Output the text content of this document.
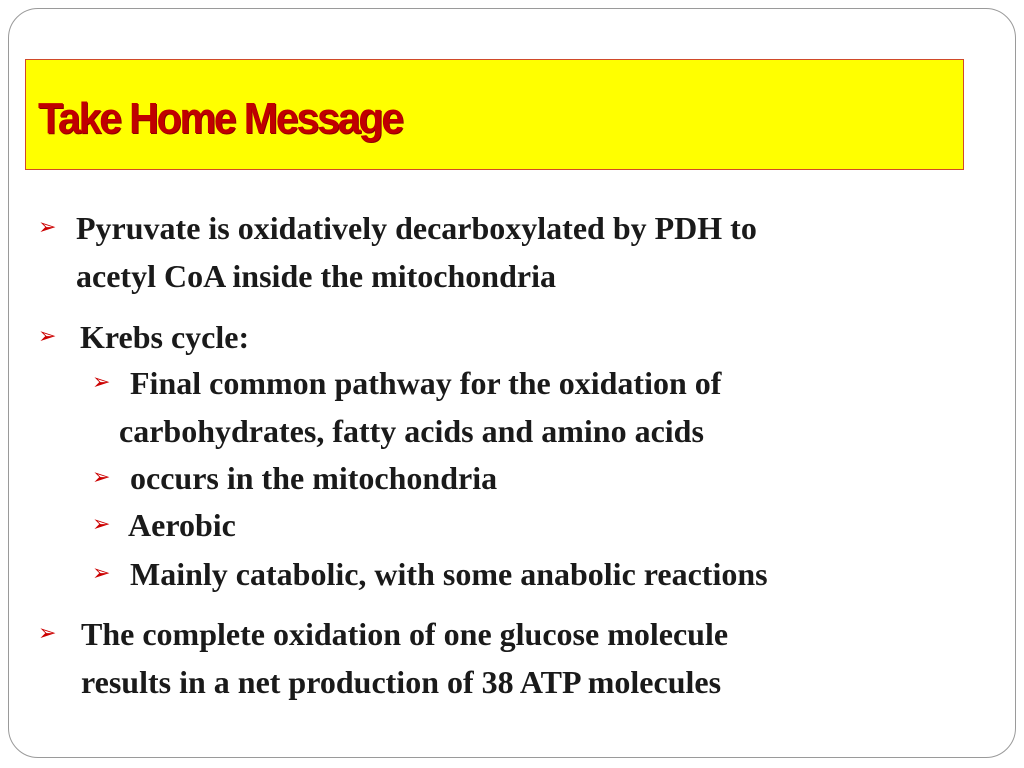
Take Home Message
➢ Pyruvate is oxidatively decarboxylated by PDH to
acetyl CoA inside the mitochondria
➢ Krebs cycle:
➢ Final common pathway for the oxidation of
carbohydrates, fatty acids and amino acids
➢ occurs in the mitochondria
➢ Aerobic
➢ Mainly catabolic, with some anabolic reactions
➢ The complete oxidation of one glucose molecule
results in a net production of 38 ATP molecules
